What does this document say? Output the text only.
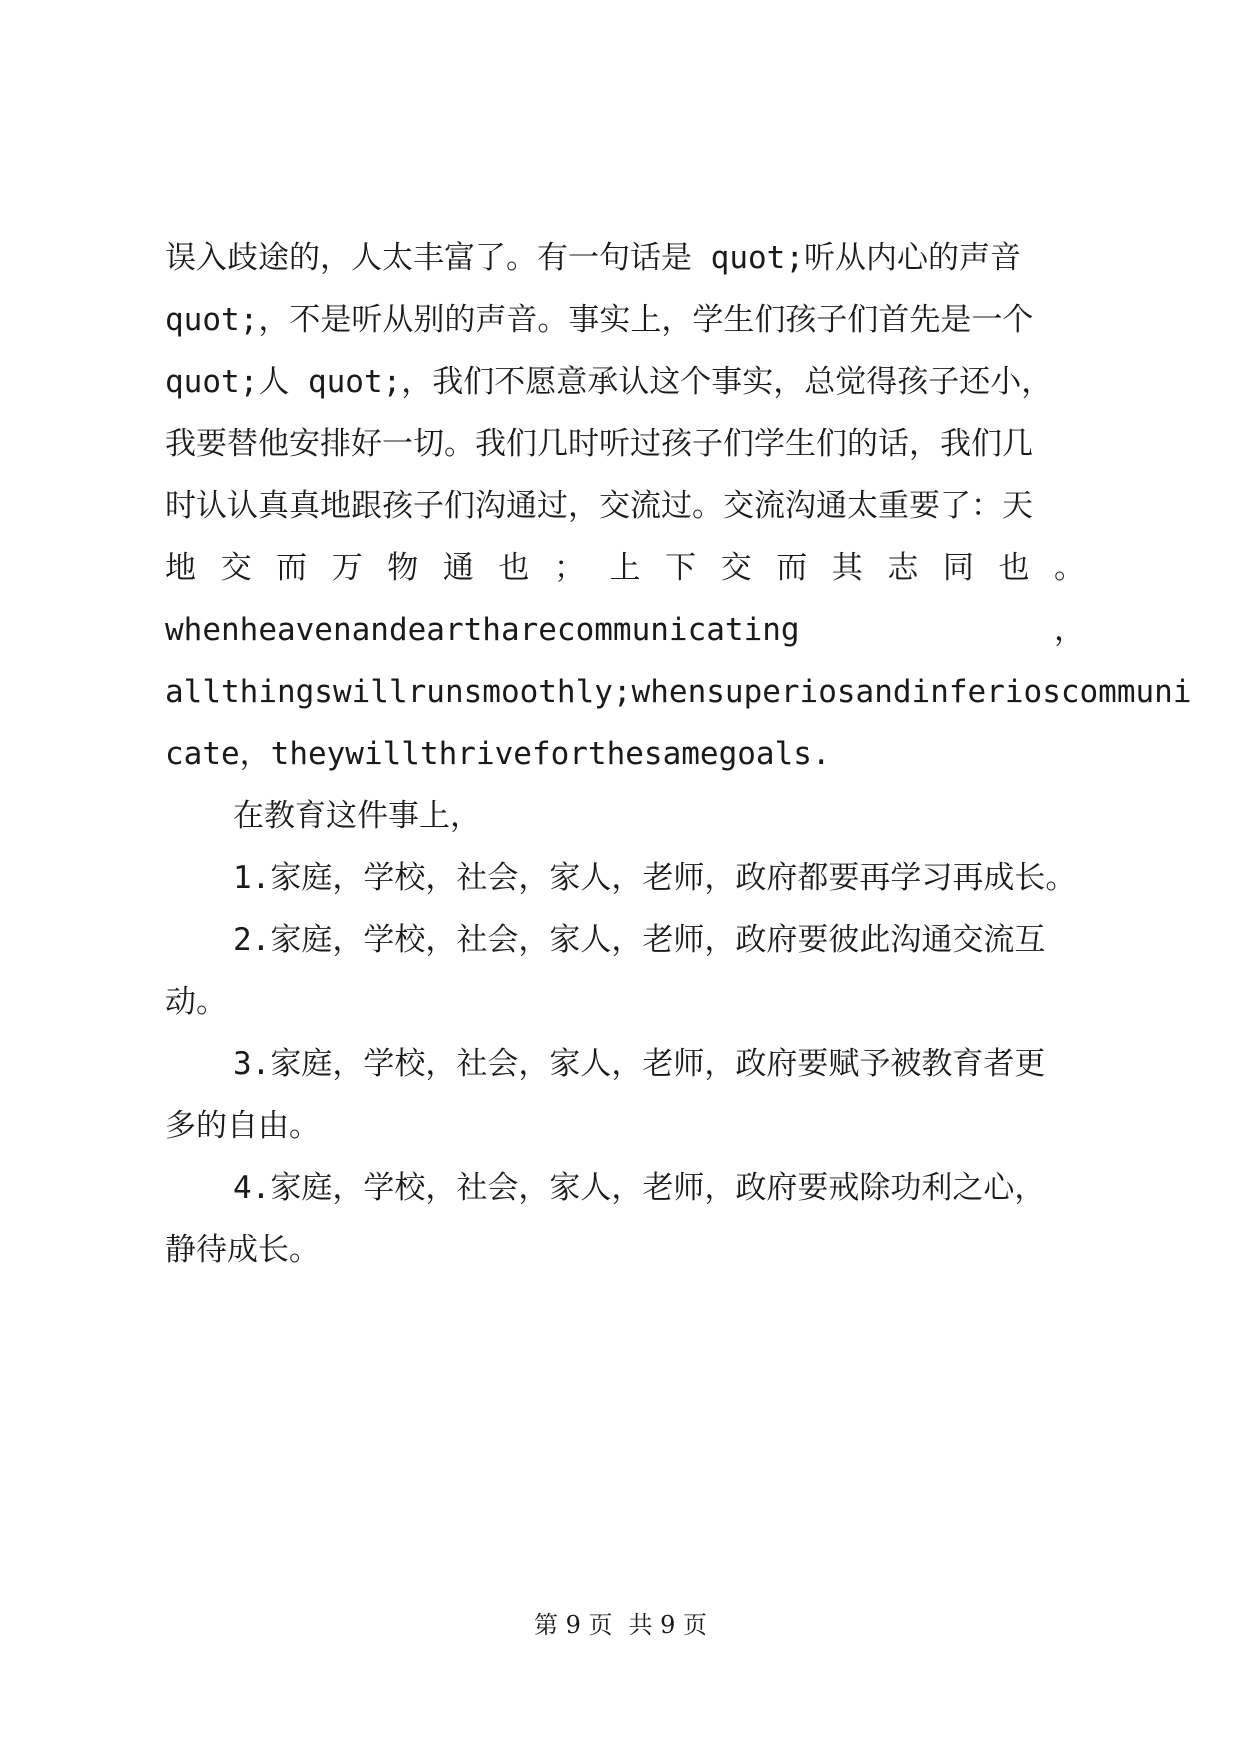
误入歧途的，人太丰富了。有一句话是 quot;听从内心的声音
quot;，不是听从别的声音。事实上，学生们孩子们首先是一个
quot;人 quot;，我们不愿意承认这个事实，总觉得孩子还小，
我要替他安排好一切。我们几时听过孩子们学生们的话，我们几
时认认真真地跟孩子们沟通过，交流过。交流沟通太重要了：天
地 交 而 万 物 通 也 ； 上 下 交 而 其 志 同 也 。
whenheavenandeartharecommunicating	，
allthingswillrunsmoothly;whensuperiosandinferioscommuni
cate，theywillthriveforthesamegoals.
在教育这件事上，
1.家庭，学校，社会，家人，老师，政府都要再学习再成长。
2.家庭，学校，社会，家人，老师，政府要彼此沟通交流互
动。
3.家庭，学校，社会，家人，老师，政府要赋予被教育者更
多的自由。
4.家庭，学校，社会，家人，老师，政府要戒除功利之心，
静待成长。
第 9 页 共 9 页
